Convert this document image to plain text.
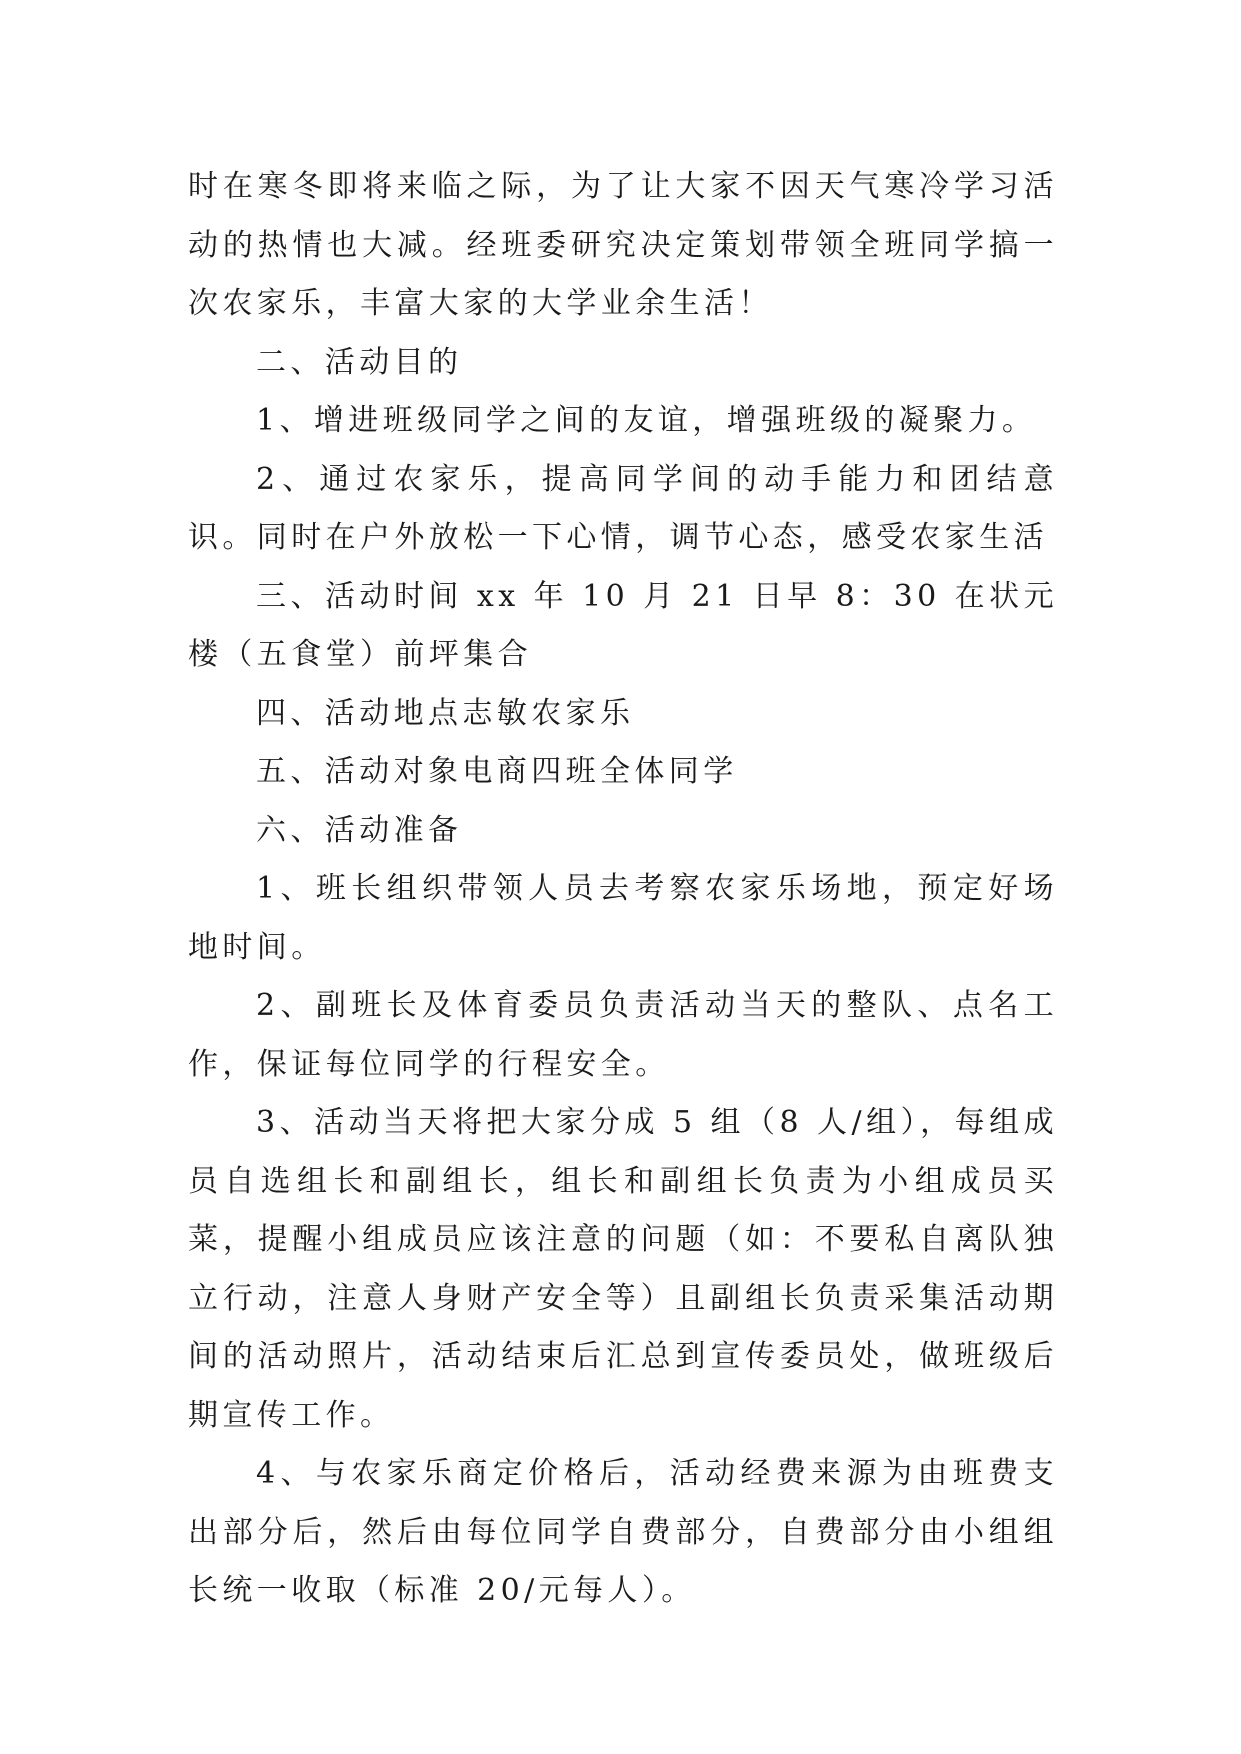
时在寒冬即将来临之际，为了让大家不因天气寒冷学习活动的热情也大减。经班委研究决定策划带领全班同学搞一次农家乐，丰富大家的大学业余生活！

二、活动目的

1、增进班级同学之间的友谊，增强班级的凝聚力。

2、通过农家乐，提高同学间的动手能力和团结意识。同时在户外放松一下心情，调节心态，感受农家生活

三、活动时间 xx 年 10 月 21 日早 8：30 在状元楼（五食堂）前坪集合

四、活动地点志敏农家乐

五、活动对象电商四班全体同学

六、活动准备

1、班长组织带领人员去考察农家乐场地，预定好场地时间。

2、副班长及体育委员负责活动当天的整队、点名工作，保证每位同学的行程安全。

3、活动当天将把大家分成 5 组（8 人/组），每组成员自选组长和副组长，组长和副组长负责为小组成员买菜，提醒小组成员应该注意的问题（如：不要私自离队独立行动，注意人身财产安全等）且副组长负责采集活动期间的活动照片，活动结束后汇总到宣传委员处，做班级后期宣传工作。

4、与农家乐商定价格后，活动经费来源为由班费支出部分后，然后由每位同学自费部分，自费部分由小组组长统一收取（标准 20/元每人）。
